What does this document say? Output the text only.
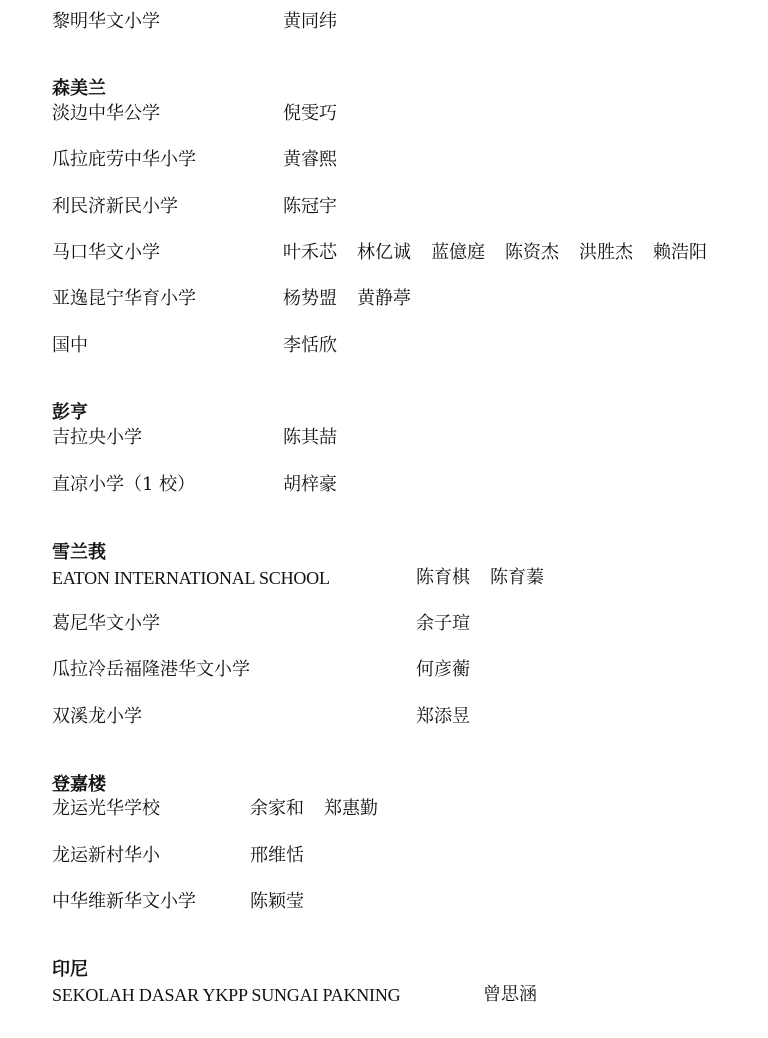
黎明华文小学	黄同纬
森美兰
淡边中华公学	倪雯巧
瓜拉庇劳中华小学	黄睿熙
利民济新民小学	陈冠宇
马口华文小学	叶禾芯 林亿诚 蓝億庭 陈资杰 洪胜杰 赖浩阳
亚逸昆宁华育小学	杨势盟 黄静葶
国中	李恬欣
彭亨
吉拉央小学	陈其喆
直凉小学（1 校）	胡梓豪
雪兰莪
EATON INTERNATIONAL SCHOOL	陈育棋 陈育蓁
葛尼华文小学	余子瑄
瓜拉冷岳福隆港华文小学	何彦蘅
双溪龙小学	郑添昱
登嘉楼
龙运光华学校	余家和 郑惠勤
龙运新村华小	邢维恬
中华维新华文小学	陈颖莹
印尼
SEKOLAH DASAR YKPP SUNGAI PAKNING	曾思涵
